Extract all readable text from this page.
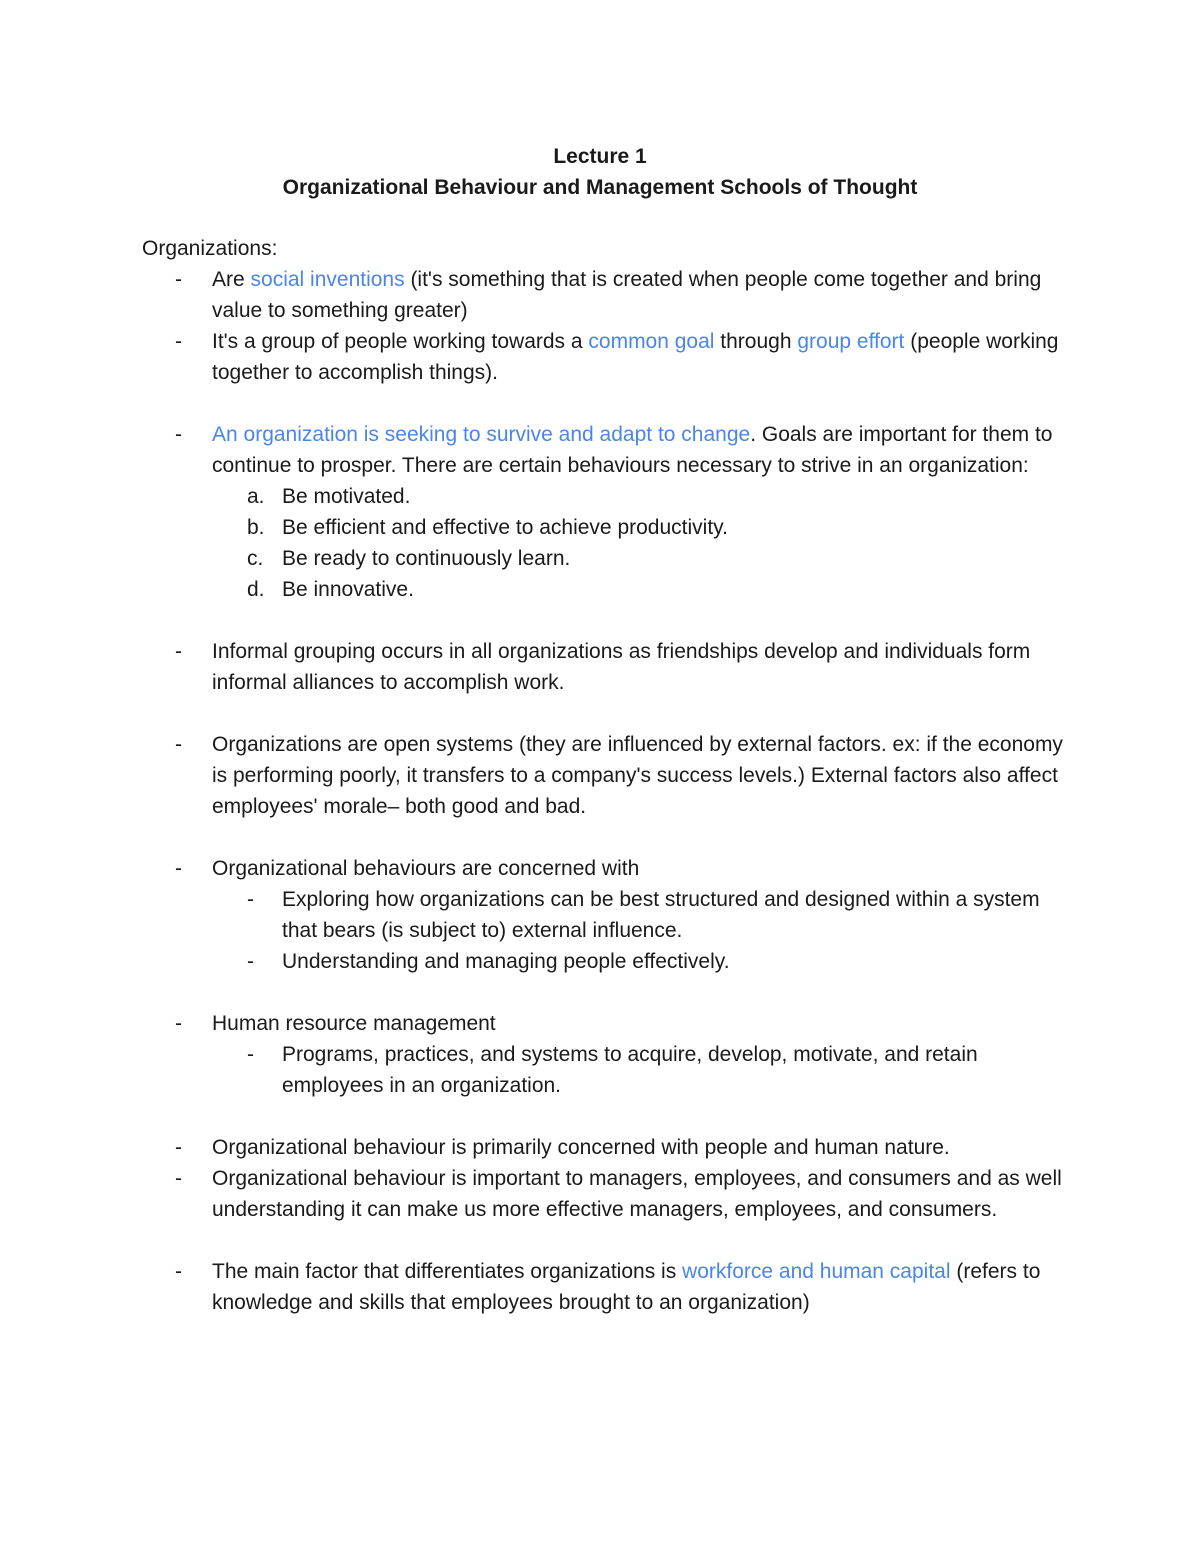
Lecture 1
Organizational Behaviour and Management Schools of Thought

Organizations:

-	Are social inventions (it's something that is created when people come together and bring value to something greater)
-	It's a group of people working towards a common goal through group effort (people working together to accomplish things).
-	An organization is seeking to survive and adapt to change. Goals are important for them to continue to prosper. There are certain behaviours necessary to strive in an organization:
a. Be motivated.
b. Be efficient and effective to achieve productivity.
c. Be ready to continuously learn.
d. Be innovative.
-	Informal grouping occurs in all organizations as friendships develop and individuals form informal alliances to accomplish work.
-	Organizations are open systems (they are influenced by external factors. ex: if the economy is performing poorly, it transfers to a company's success levels.) External factors also affect employees' morale– both good and bad.
-	Organizational behaviours are concerned with
-	Exploring how organizations can be best structured and designed within a system that bears (is subject to) external influence.
-	Understanding and managing people effectively.
-	Human resource management
-	Programs, practices, and systems to acquire, develop, motivate, and retain employees in an organization.
-	Organizational behaviour is primarily concerned with people and human nature.
-	Organizational behaviour is important to managers, employees, and consumers and as well understanding it can make us more effective managers, employees, and consumers.
-	The main factor that differentiates organizations is workforce and human capital (refers to knowledge and skills that employees brought to an organization)
